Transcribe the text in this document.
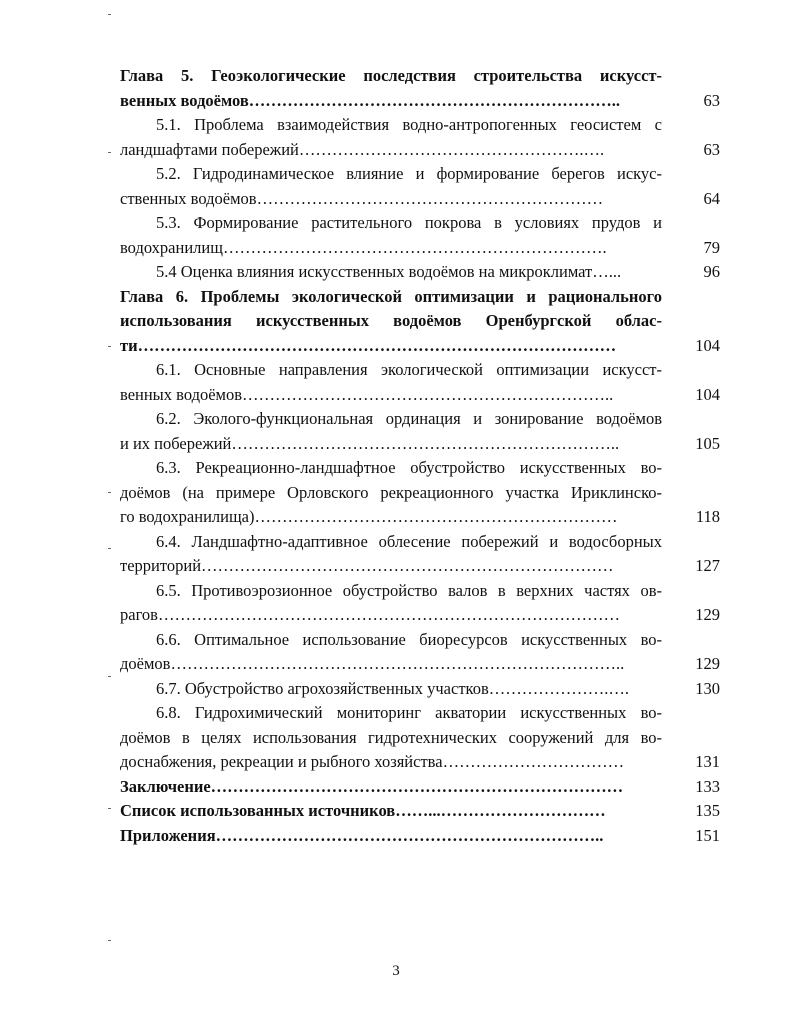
Глава 5. Геоэкологические последствия строительства искусст-
венных водоёмов…………………………………………………………..	63
5.1. Проблема взаимодействия водно-антропогенных геосистем с
ландшафтами побережий…………………………………………….….	63
5.2. Гидродинамическое влияние и формирование берегов искус-
ственных водоёмов………………………………………………………	64
5.3. Формирование растительного покрова в условиях прудов и
водохранилищ…………………………………………………………….	79
5.4 Оценка влияния искусственных водоёмов на микроклимат…...	96
Глава 6. Проблемы экологической оптимизации и рационального
использования искусственных водоёмов Оренбургской облас-
ти……………………………………………………………………………	104
6.1. Основные направления экологической оптимизации искусст-
венных водоёмов…………………………………………………………..	104
6.2. Эколого-функциональная ординация и зонирование водоёмов
и их побережий……………………………………………………………..	105
6.3. Рекреационно-ландшафтное обустройство искусственных во-
доёмов (на примере Орловского рекреационного участка Ириклинско-
го водохранилища)…………………………………………………………	118
6.4. Ландшафтно-адаптивное облесение побережий и водосборных
территорий…………………………………………………………………	127
6.5. Противоэрозионное обустройство валов в верхних частях ов-
рагов…………………………………………………………………………	129
6.6. Оптимальное использование биоресурсов искусственных во-
доёмов………………………………………………………………………..	129
6.7. Обустройство агрохозяйственных участков………………….….	130
6.8. Гидрохимический мониторинг акватории искусственных во-
доёмов в целях использования гидротехнических сооружений для во-
доснабжения, рекреации и рыбного хозяйства……………………………	131
Заключение…………………………………………………………………	133
Список использованных источников……...…………………………	135
Приложения……………………………………………………………..	151
3
